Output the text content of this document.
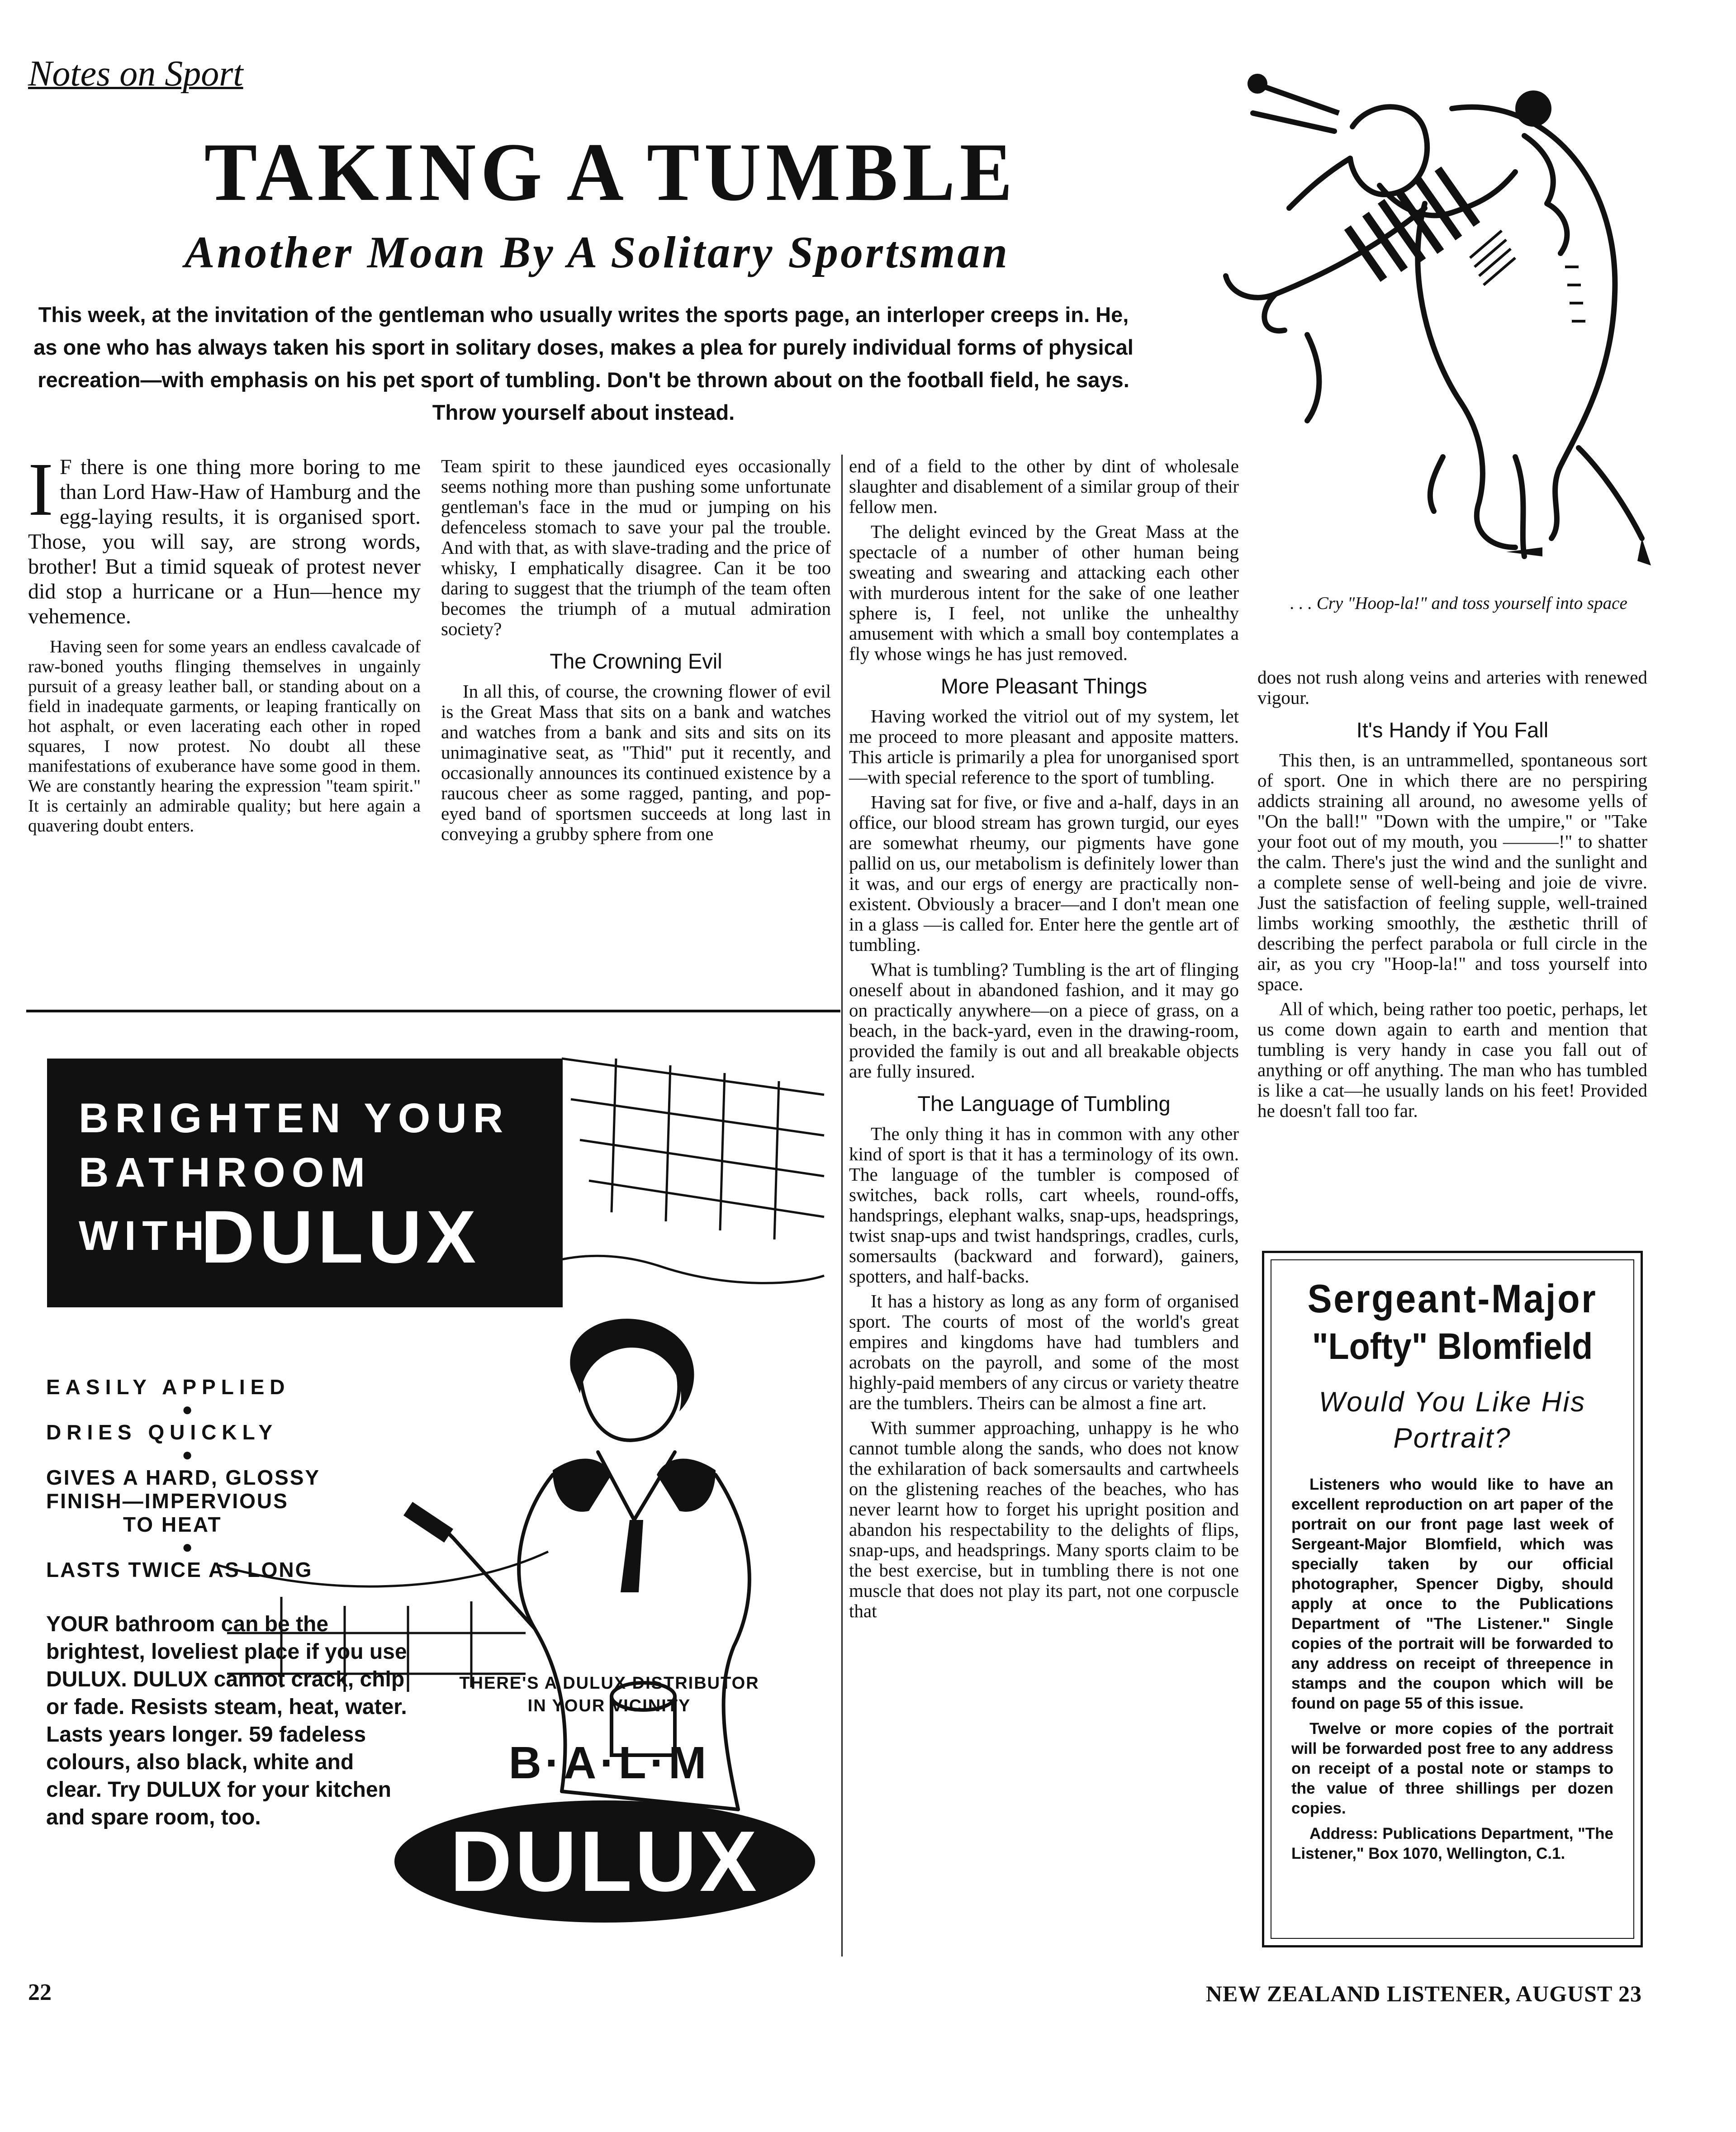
Notes on Sport
TAKING A TUMBLE
Another Moan By A Solitary Sportsman
This week, at the invitation of the gentleman who usually writes the sports page, an interloper creeps in. He, as one who has always taken his sport in solitary doses, makes a plea for purely individual forms of physical recreation—with emphasis on his pet sport of tumbling. Don't be thrown about on the football field, he says. Throw yourself about instead.
. . . Cry "Hoop-la!" and toss yourself into space
I F there is one thing more boring to me than Lord Haw-Haw of Hamburg and the egg-laying results, it is organised sport. Those, you will say, are strong words, brother! But a timid squeak of protest never did stop a hurricane or a Hun—hence my vehemence.

Having seen for some years an endless cavalcade of raw-boned youths flinging themselves in ungainly pursuit of a greasy leather ball, or standing about on a field in inadequate garments, or leaping frantically on hot asphalt, or even lacerating each other in roped squares, I now protest. No doubt all these manifestations of exuberance have some good in them. We are constantly hearing the expression "team spirit." It is certainly an admirable quality; but here again a quavering doubt enters.

Team spirit to these jaundiced eyes occasionally seems nothing more than pushing some unfortunate gentleman's face in the mud or jumping on his defenceless stomach to save your pal the trouble. And with that, as with slave-trading and the price of whisky, I emphatically disagree. Can it be too daring to suggest that the triumph of the team often becomes the triumph of a mutual admiration society?

The Crowning Evil

In all this, of course, the crowning flower of evil is the Great Mass that sits on a bank and watches and watches from a bank and sits and sits on its unimaginative seat, as "Thid" put it recently, and occasionally announces its continued existence by a raucous cheer as some ragged, panting, and pop-eyed band of sportsmen succeeds at long last in conveying a grubby sphere from one

end of a field to the other by dint of wholesale slaughter and disablement of a similar group of their fellow men.

The delight evinced by the Great Mass at the spectacle of a number of other human being sweating and swearing and attacking each other with murderous intent for the sake of one leather sphere is, I feel, not unlike the unhealthy amusement with which a small boy contemplates a fly whose wings he has just removed.

More Pleasant Things

Having worked the vitriol out of my system, let me proceed to more pleasant and apposite matters. This article is primarily a plea for unorganised sport—with special reference to the sport of tumbling.

Having sat for five, or five and a-half, days in an office, our blood stream has grown turgid, our eyes are somewhat rheumy, our pigments have gone pallid on us, our metabolism is definitely lower than it was, and our ergs of energy are practically non-existent. Obviously a bracer—and I don't mean one in a glass —is called for. Enter here the gentle art of tumbling.

What is tumbling? Tumbling is the art of flinging oneself about in abandoned fashion, and it may go on practically anywhere—on a piece of grass, on a beach, in the back-yard, even in the drawing-room, provided the family is out and all breakable objects are fully insured.

The Language of Tumbling

The only thing it has in common with any other kind of sport is that it has a terminology of its own. The language of the tumbler is composed of switches, back rolls, cart wheels, round-offs, handsprings, elephant walks, snap-ups, headsprings, twist snap-ups and twist handsprings, cradles, curls, somersaults (backward and forward), gainers, spotters, and half-backs.

It has a history as long as any form of organised sport. The courts of most of the world's great empires and kingdoms have had tumblers and acrobats on the payroll, and some of the most highly-paid members of any circus or variety theatre are the tumblers. Theirs can be almost a fine art.

With summer approaching, unhappy is he who cannot tumble along the sands, who does not know the exhilaration of back somersaults and cartwheels on the glistening reaches of the beaches, who has never learnt how to forget his upright position and abandon his respectability to the delights of flips, snap-ups, and headsprings. Many sports claim to be the best exercise, but in tumbling there is not one muscle that does not play its part, not one corpuscle that

does not rush along veins and arteries with renewed vigour.

It's Handy if You Fall

This then, is an untrammelled, spontaneous sort of sport. One in which there are no perspiring addicts straining all around, no awesome yells of "On the ball!" "Down with the umpire," or "Take your foot out of my mouth, you ———!" to shatter the calm. There's just the wind and the sunlight and a complete sense of well-being and joie de vivre. Just the satisfaction of feeling supple, well-trained limbs working smoothly, the æsthetic thrill of describing the perfect parabola or full circle in the air, as you cry "Hoop-la!" and toss yourself into space.

All of which, being rather too poetic, perhaps, let us come down again to earth and mention that tumbling is very handy in case you fall out of anything or off anything. The man who has tumbled is like a cat—he usually lands on his feet! Provided he doesn't fall too far.

BRIGHTEN YOUR
BATHROOM
WITH
DULUX
EASILY APPLIED
●
DRIES QUICKLY
●
GIVES A HARD, GLOSSY
FINISH—IMPERVIOUS
TO HEAT
●
LASTS TWICE AS LONG
YOUR bathroom can be the brightest, loveliest place if you use DULUX. DULUX cannot crack, chip or fade. Resists steam, heat, water. Lasts years longer. 59 fadeless colours, also black, white and clear. Try DULUX for your kitchen and spare room, too.
THERE'S A DULUX DISTRIBUTOR
IN YOUR VICINITY
B·A·L·M
DULUX
Sergeant-Major
"Lofty" Blomfield
Would You Like His Portrait?

Listeners who would like to have an excellent reproduction on art paper of the portrait on our front page last week of Sergeant-Major Blomfield, which was specially taken by our official photographer, Spencer Digby, should apply at once to the Publications Department of "The Listener." Single copies of the portrait will be forwarded to any address on receipt of threepence in stamps and the coupon which will be found on page 55 of this issue.

Twelve or more copies of the portrait will be forwarded post free to any address on receipt of a postal note or stamps to the value of three shillings per dozen copies.

Address: Publications Department, "The Listener," Box 1070, Wellington, C.1.

22	NEW ZEALAND LISTENER, AUGUST 23
